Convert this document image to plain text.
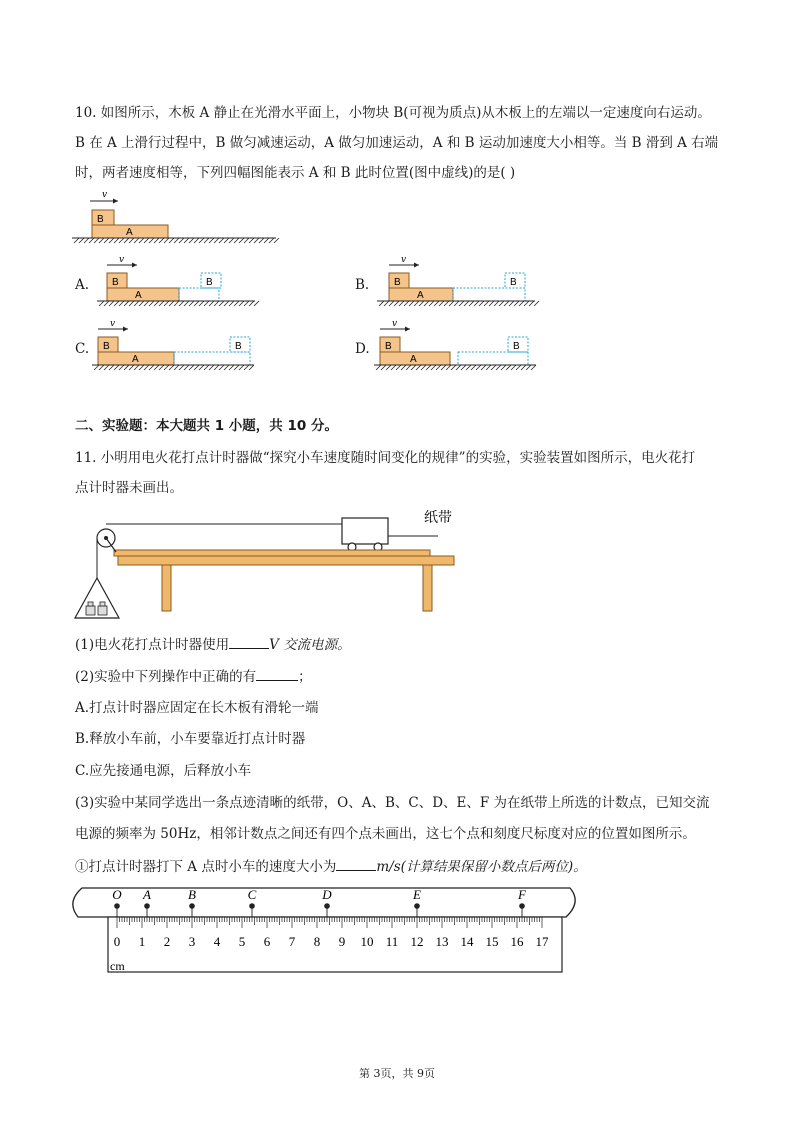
10. 如图所示，木板 A 静止在光滑水平面上，小物块 B(可视为质点)从木板上的左端以一定速度向右运动。
B 在 A 上滑行过程中，B 做匀减速运动，A 做匀加速运动，A 和 B 运动加速度大小相等。当 B 滑到 A 右端
时，两者速度相等，下列四幅图能表示 A 和 B 此时位置(图中虚线)的是( )
v
B
A
A.
v
B
A
B	B.
v
B
A
B
C.
v
B
A
B	D.
v
B
A
B
二、实验题：本大题共 1 小题，共 10 分。
11. 小明用电火花打点计时器做“探究小车速度随时间变化的规律”的实验，实验装置如图所示，电火花打
点计时器未画出。
纸带
(1)电火花打点计时器使用	V 交流电源。
(2)实验中下列操作中正确的有	；
A.打点计时器应固定在长木板有滑轮一端
B.释放小车前，小车要靠近打点计时器
C.应先接通电源，后释放小车
(3)实验中某同学选出一条点迹清晰的纸带，O、A、B、C、D、E、F 为在纸带上所选的计数点，已知交流
电源的频率为 50Hz，相邻计数点之间还有四个点未画出，这七个点和刻度尺标度对应的位置如图所示。
①打点计时器打下 A 点时小车的速度大小为	m/s(计算结果保留小数点后两位)。
O A	B	C	D	E	F
0 1 2 3 4 5 6 7 8 9 10 11 12 13 14 15 16 17
cm
第 3页，共 9页
